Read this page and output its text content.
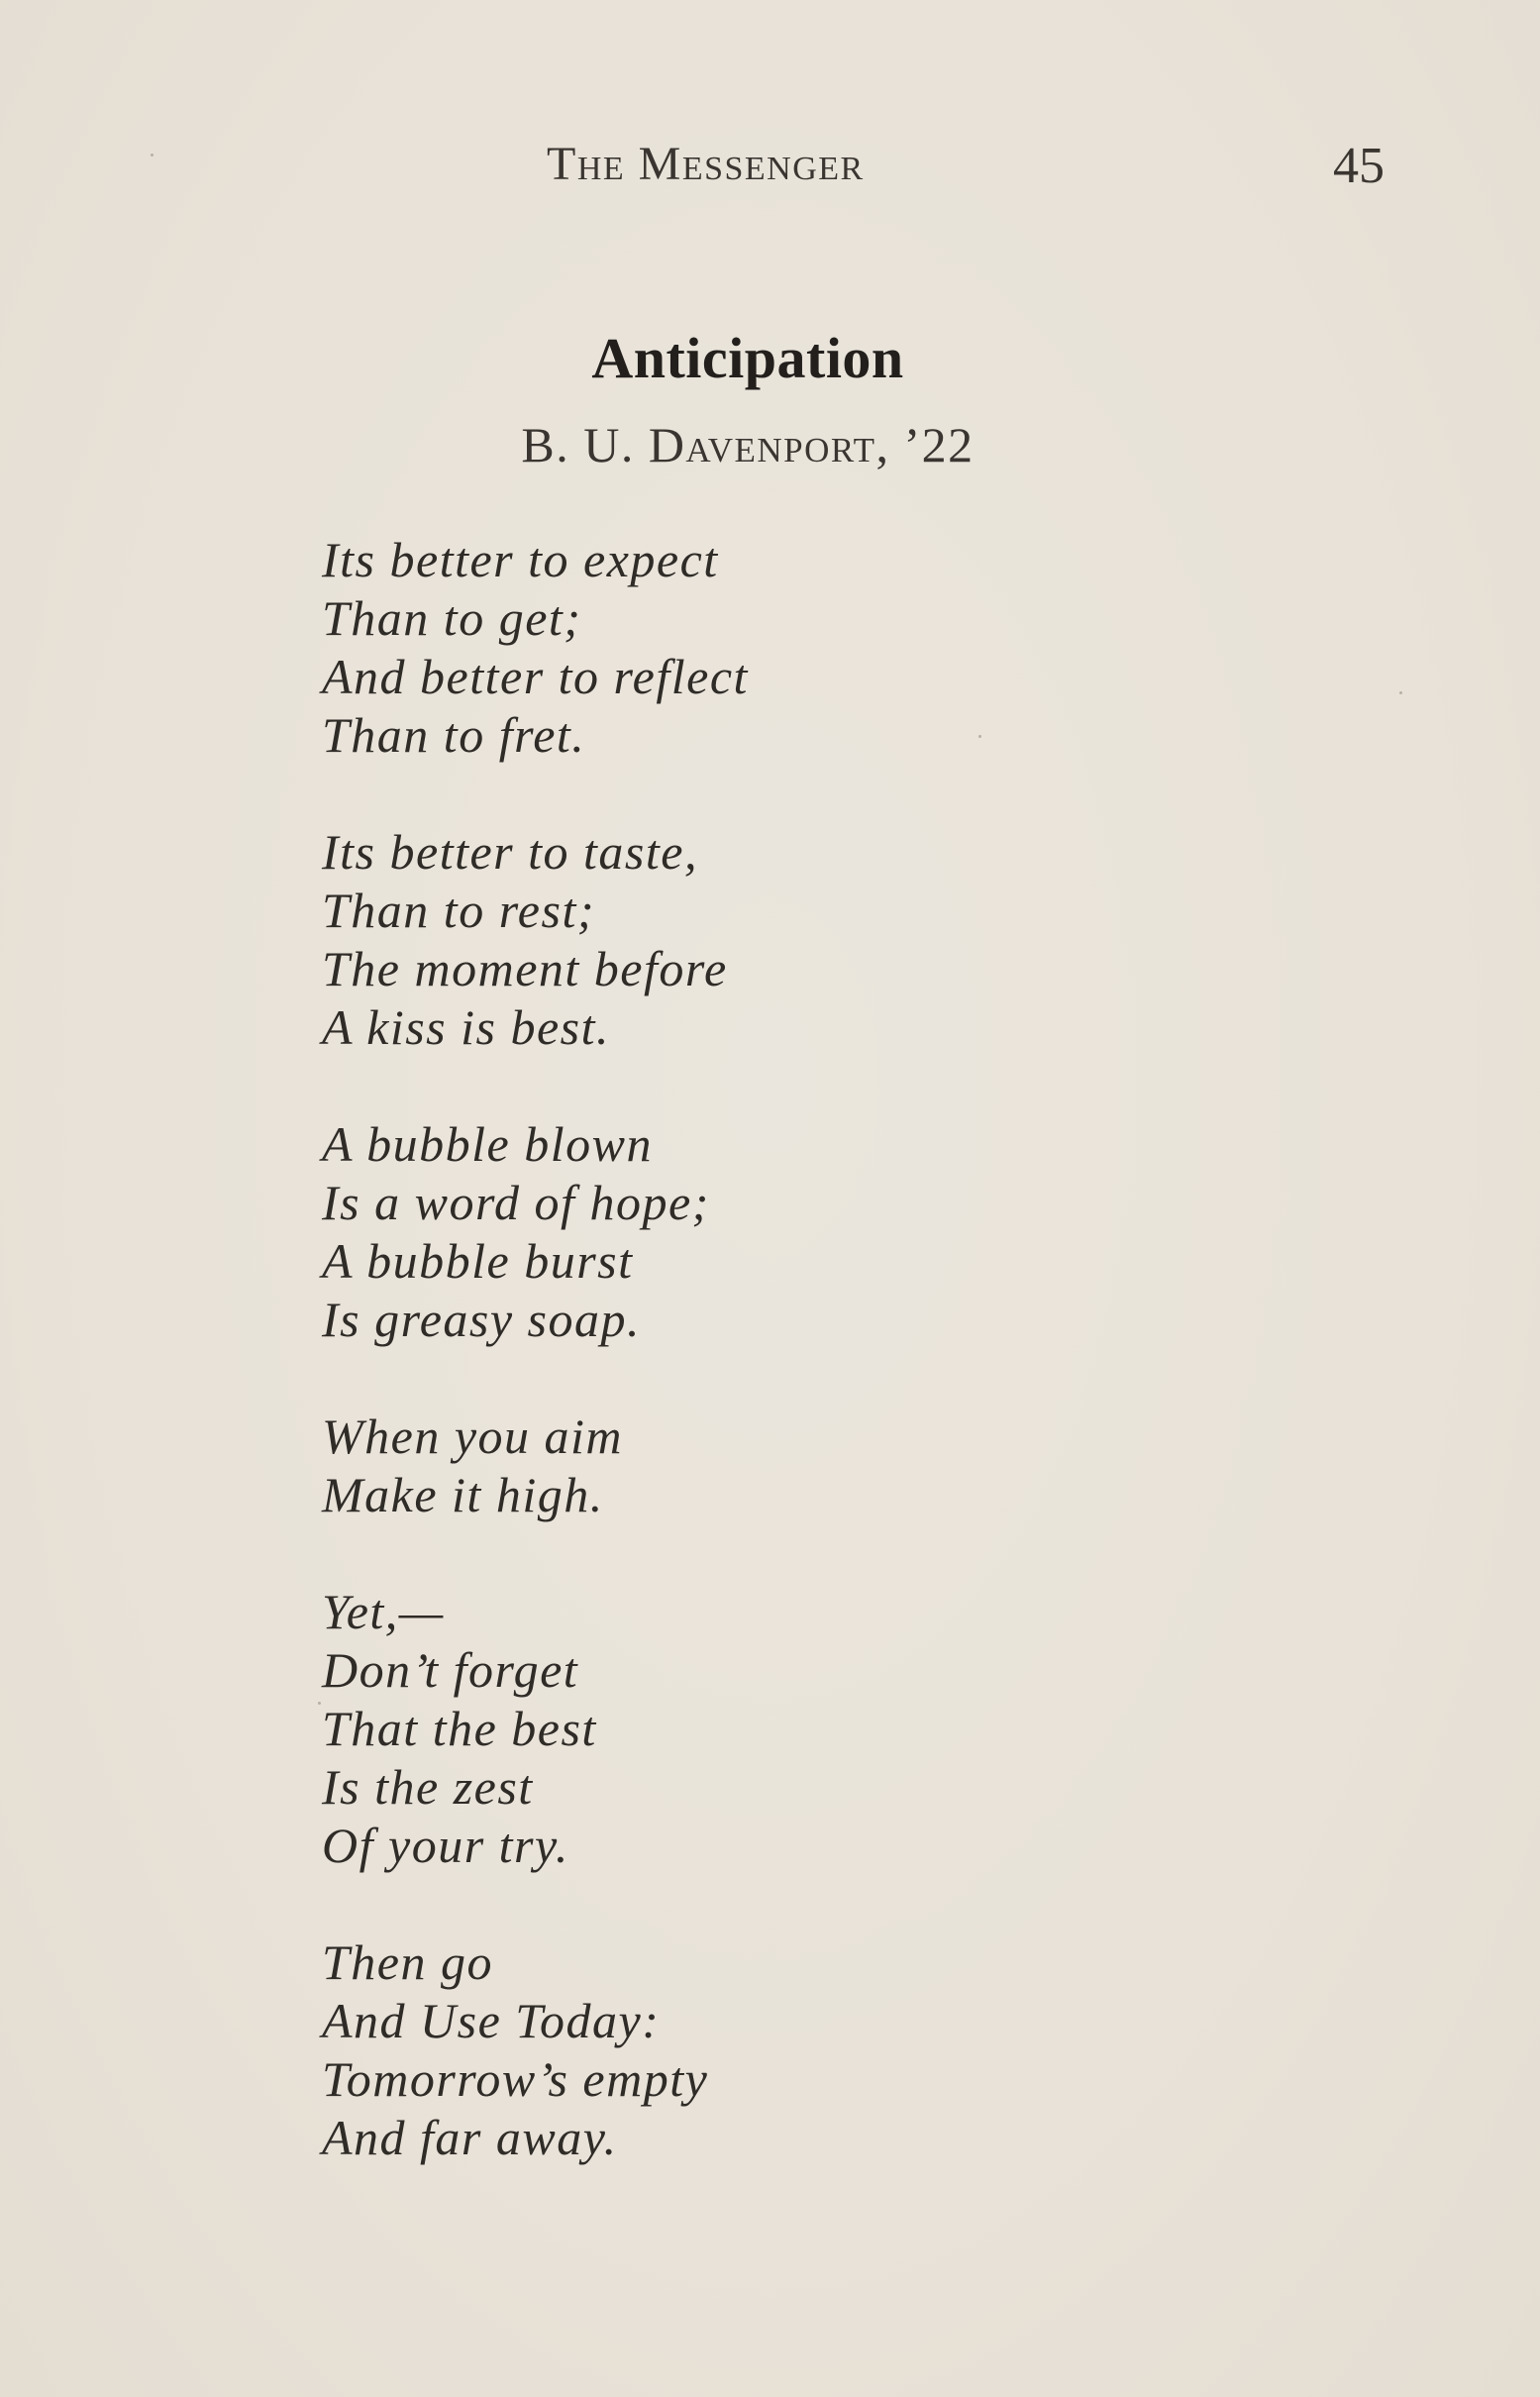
The Messenger	45
Anticipation
B. U. Davenport, ’22
Its better to expect
Than to get;
And better to reflect
Than to fret.
Its better to taste,
Than to rest;
The moment before
A kiss is best.
A bubble blown
Is a word of hope;
A bubble burst
Is greasy soap.
When you aim
Make it high.
Yet,—
Don’t forget
That the best
Is the zest
Of your try.
Then go
And Use Today:
Tomorrow’s empty
And far away.
